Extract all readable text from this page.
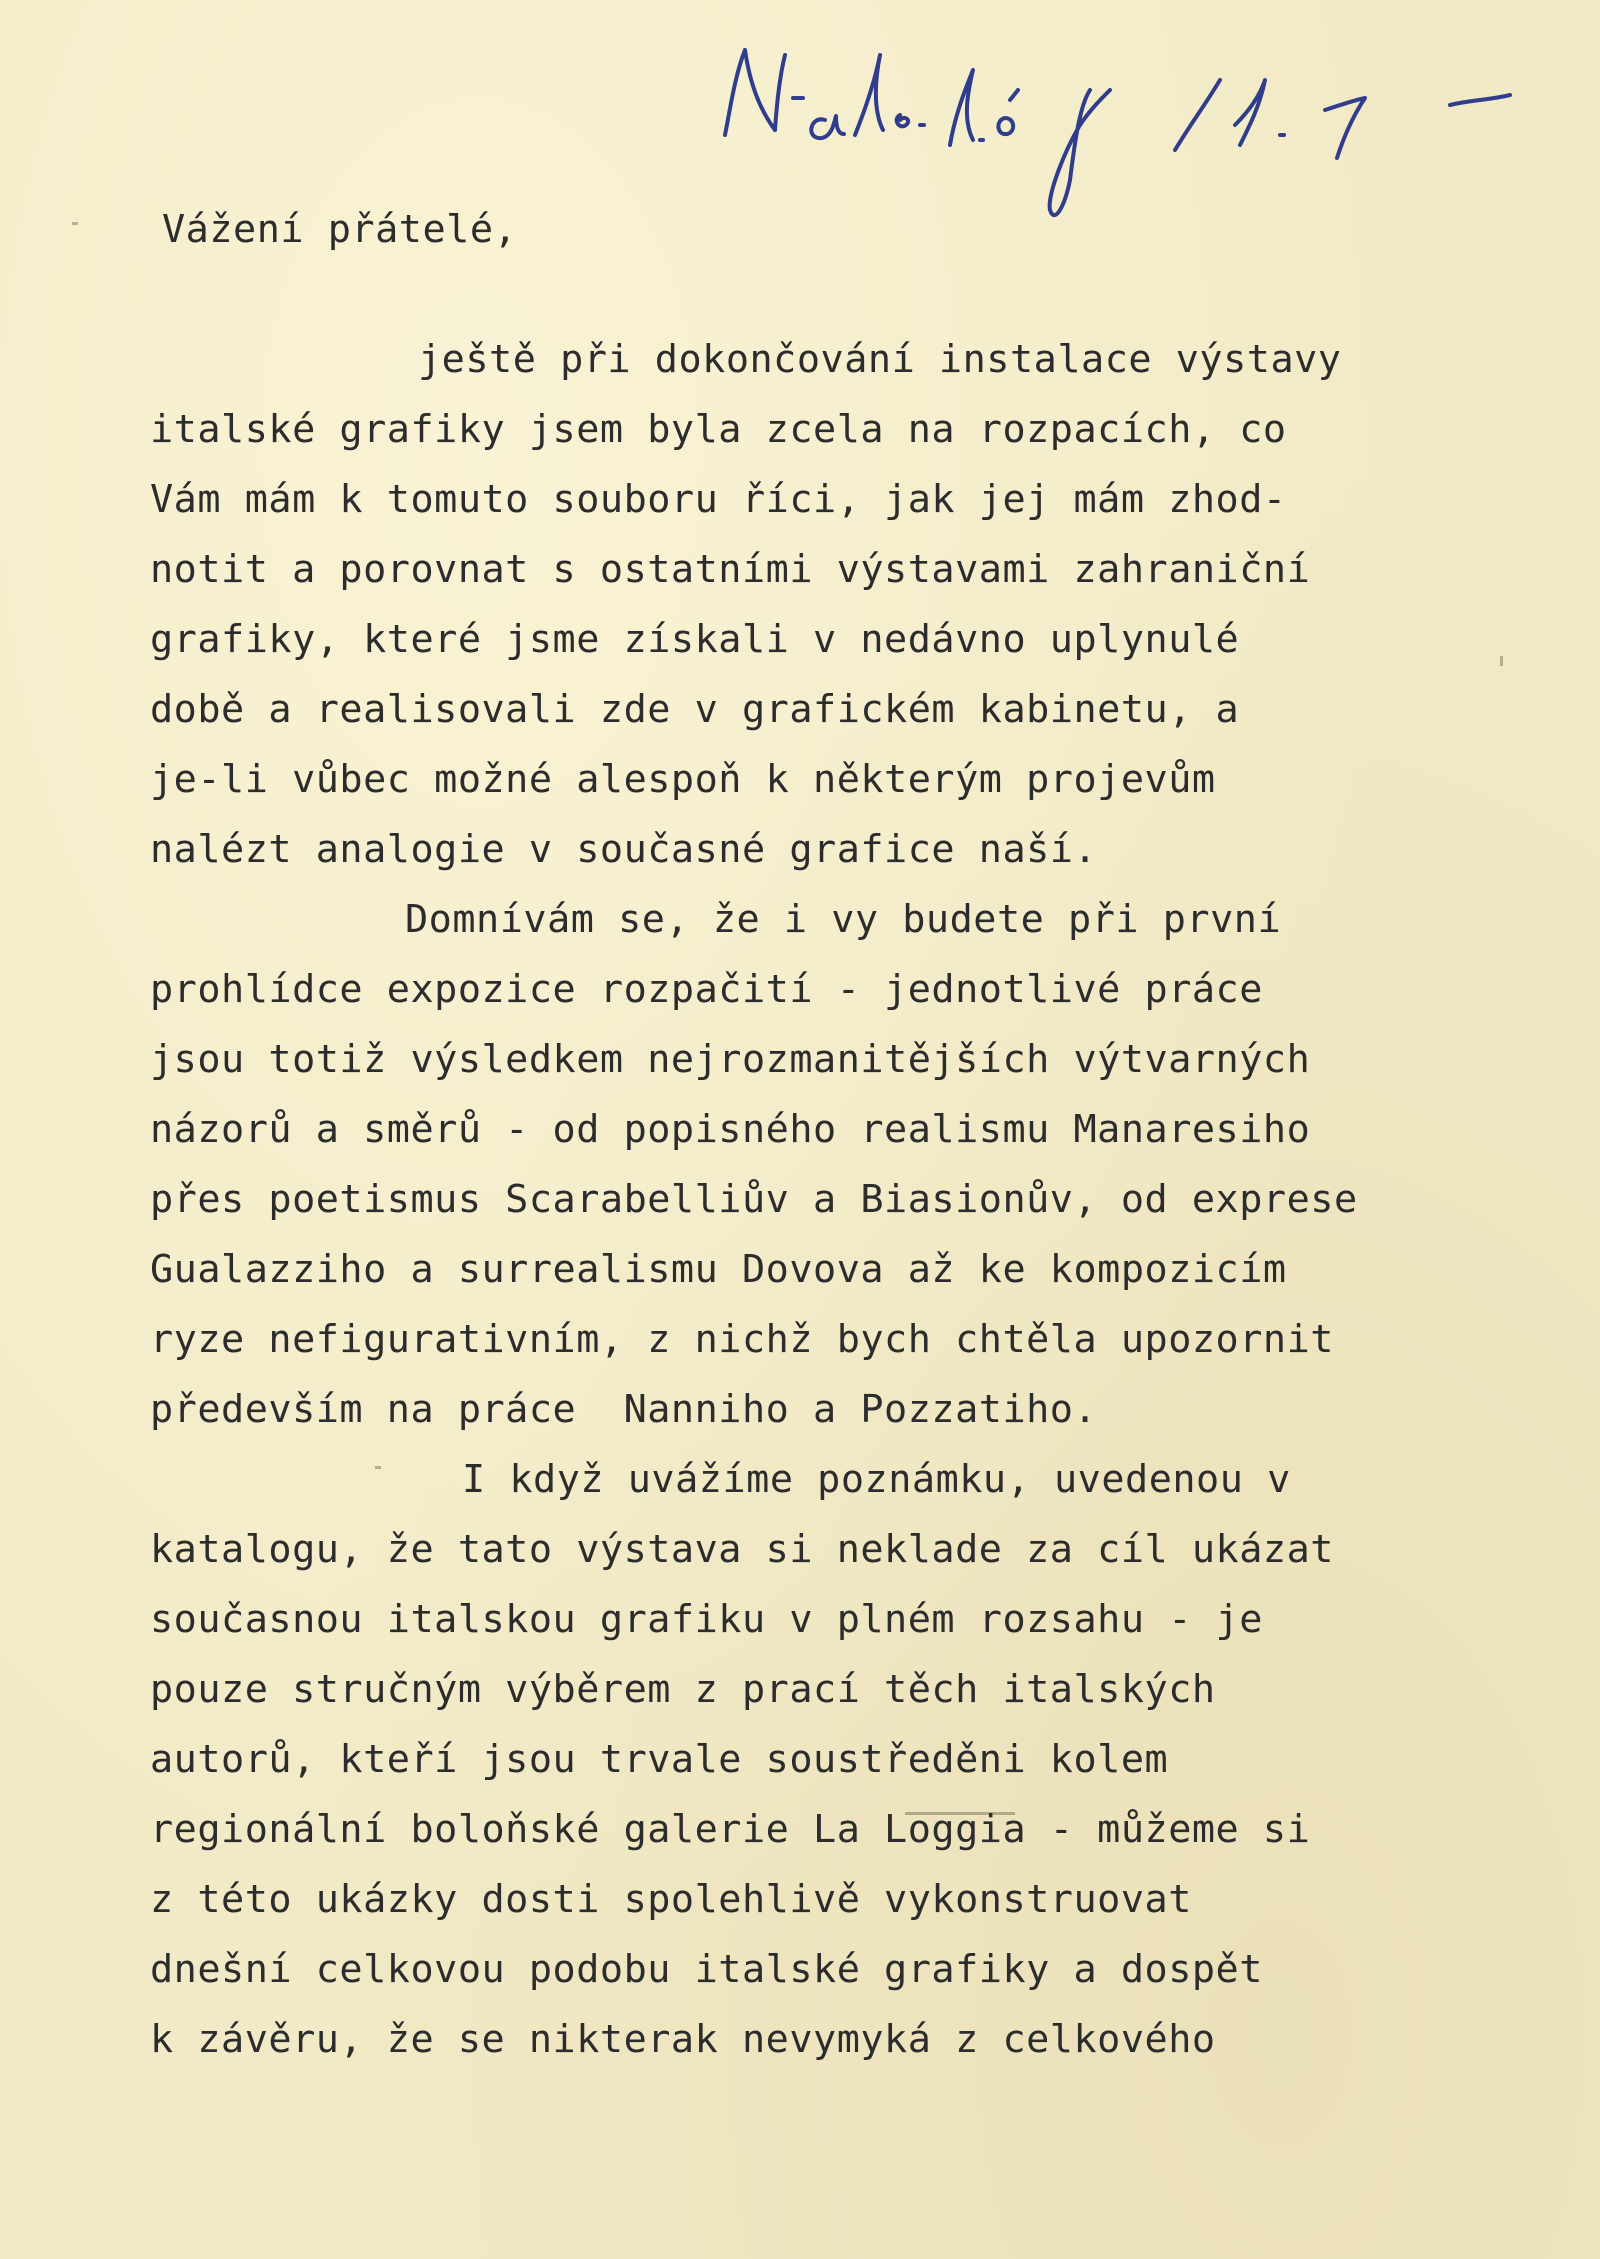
Vážení přátelé,
ještě při dokončování instalace výstavy
italské grafiky jsem byla zcela na rozpacích, co
Vám mám k tomuto souboru říci, jak jej mám zhod-
notit a porovnat s ostatními výstavami zahraniční
grafiky, které jsme získali v nedávno uplynulé
době a realisovali zde v grafickém kabinetu, a
je-li vůbec možné alespoň k některým projevům
nalézt analogie v současné grafice naší.
Domnívám se, že i vy budete při první
prohlídce expozice rozpačití - jednotlivé práce
jsou totiž výsledkem nejrozmanitějších výtvarných
názorů a směrů - od popisného realismu Manaresiho
přes poetismus Scarabelliův a Biasionův, od exprese
Gualazziho a surrealismu Dovova až ke kompozicím
ryze nefigurativním, z nichž bych chtěla upozornit
především na práce  Nanniho a Pozzatiho.
I když uvážíme poznámku, uvedenou v
katalogu, že tato výstava si neklade za cíl ukázat
současnou italskou grafiku v plném rozsahu - je
pouze stručným výběrem z prací těch italských
autorů, kteří jsou trvale soustředěni kolem
regionální boloňské galerie La Loggia - můžeme si
z této ukázky dosti spolehlivě vykonstruovat
dnešní celkovou podobu italské grafiky a dospět
k závěru, že se nikterak nevymyká z celkového
